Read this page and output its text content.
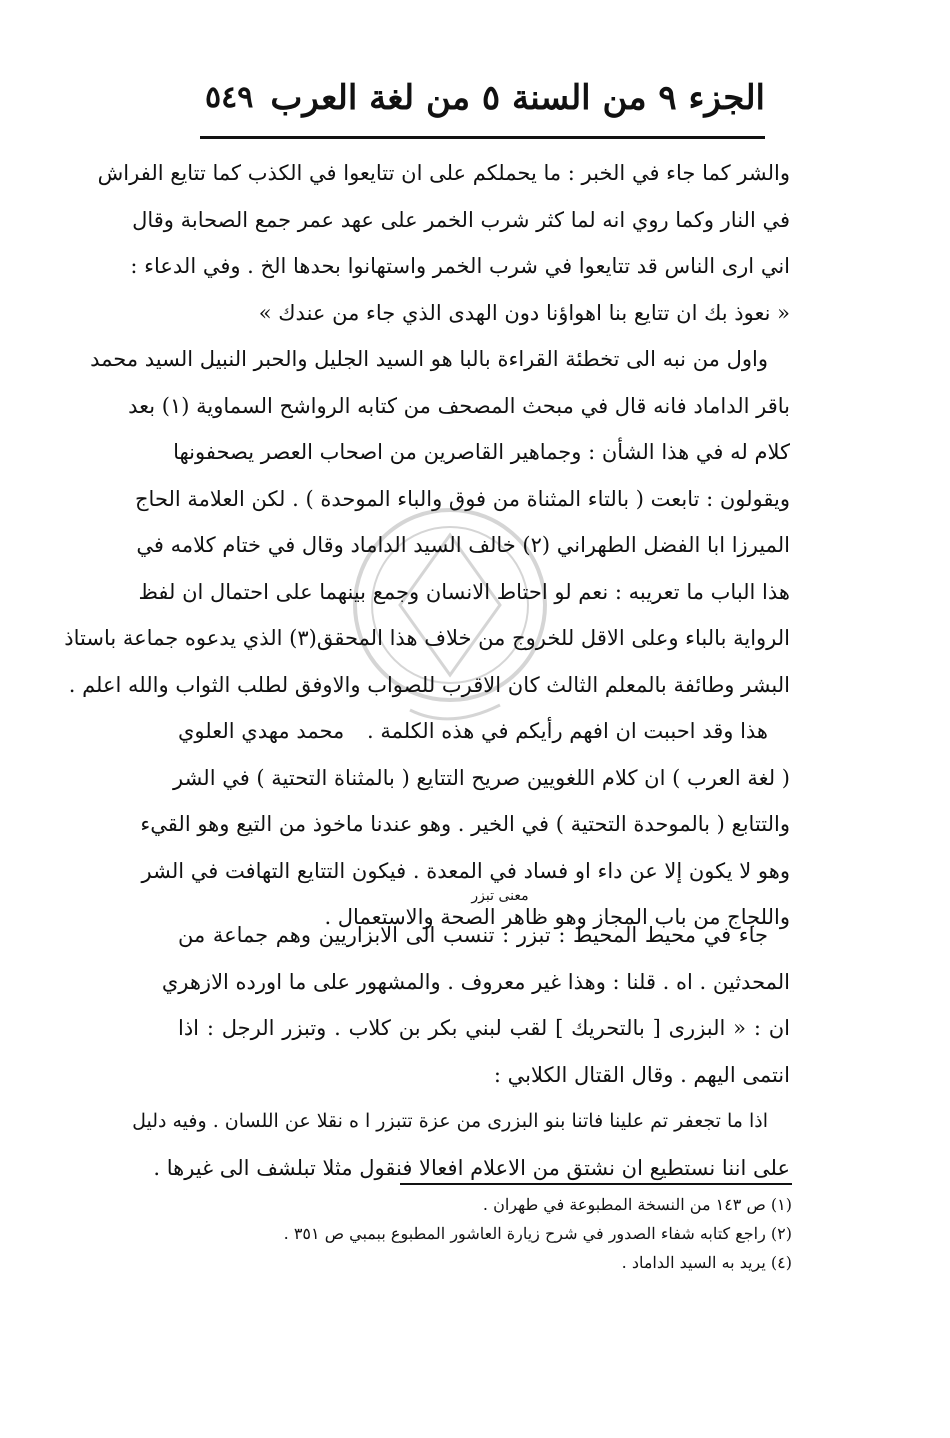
الجزء ٩ من السنة ٥ من لغة العرب
٥٤٩
والشر كما جاء في الخبر : ما يحملكم على ان تتايعوا في الكذب كما تتايع الفراش
في النار وكما روي انه لما كثر شرب الخمر على عهد عمر جمع الصحابة وقال
اني ارى الناس قد تتايعوا في شرب الخمر واستهانوا بحدها الخ . وفي الدعاء :
« نعوذ بك ان تتايع بنا اهواؤنا دون الهدى الذي جاء من عندك »
واول من نبه الى تخطئة القراءة بالبا هو السيد الجليل والحبر النبيل السيد محمد
باقر الداماد فانه قال في مبحث المصحف من كتابه الرواشح السماوية (١) بعد
كلام له في هذا الشأن : وجماهير القاصرين من اصحاب العصر يصحفونها
ويقولون : تابعت ( بالتاء المثناة من فوق والباء الموحدة ) . لكن العلامة الحاج
الميرزا ابا الفضل الطهراني (٢) خالف السيد الداماد وقال في ختام كلامه في
هذا الباب ما تعريبه : نعم لو احتاط الانسان وجمع بينهما على احتمال ان لفظ
الرواية بالباء وعلى الاقل للخروج من خلاف هذا المحقق(٣) الذي يدعوه جماعة باستاذ
البشر وطائفة بالمعلم الثالث كان الاقرب للصواب والاوفق لطلب الثواب والله اعلم .
هذا وقد احببت ان افهم رأيكم في هذه الكلمة .
محمد مهدي العلوي
( لغة العرب ) ان كلام اللغويين صريح التتايع ( بالمثناة التحتية ) في الشر
والتتابع ( بالموحدة التحتية ) في الخير . وهو عندنا ماخوذ من التيع وهو القيء
وهو لا يكون إلا عن داء او فساد في المعدة . فيكون التتايع التهافت في الشر
واللجاج من باب المجاز وهو ظاهر الصحة والاستعمال .
معنى تبزر
جاء في محيط المحيط : تبزر : تنسب الى الابزاريين وهم جماعة من
المحدثين . اه . قلنا : وهذا غير معروف . والمشهور على ما اورده الازهري
ان : « البزرى [ بالتحريك ] لقب لبني بكر بن كلاب . وتبزر الرجل : اذا
انتمى اليهم . وقال القتال الكلابي :
اذا ما تجعفر تم علينا فاتنا بنو البزرى من عزة تتبزر ا ه نقلا عن اللسان . وفيه دليل
على اننا نستطيع ان نشتق من الاعلام افعالا فنقول مثلا تبلشف الى غيرها .
(١) ص ١٤٣ من النسخة المطبوعة في طهران .
(٢) راجع كتابه شفاء الصدور في شرح زيارة العاشور المطبوع ببمبي ص ٣٥١ .
(٤) يريد به السيد الداماد .
